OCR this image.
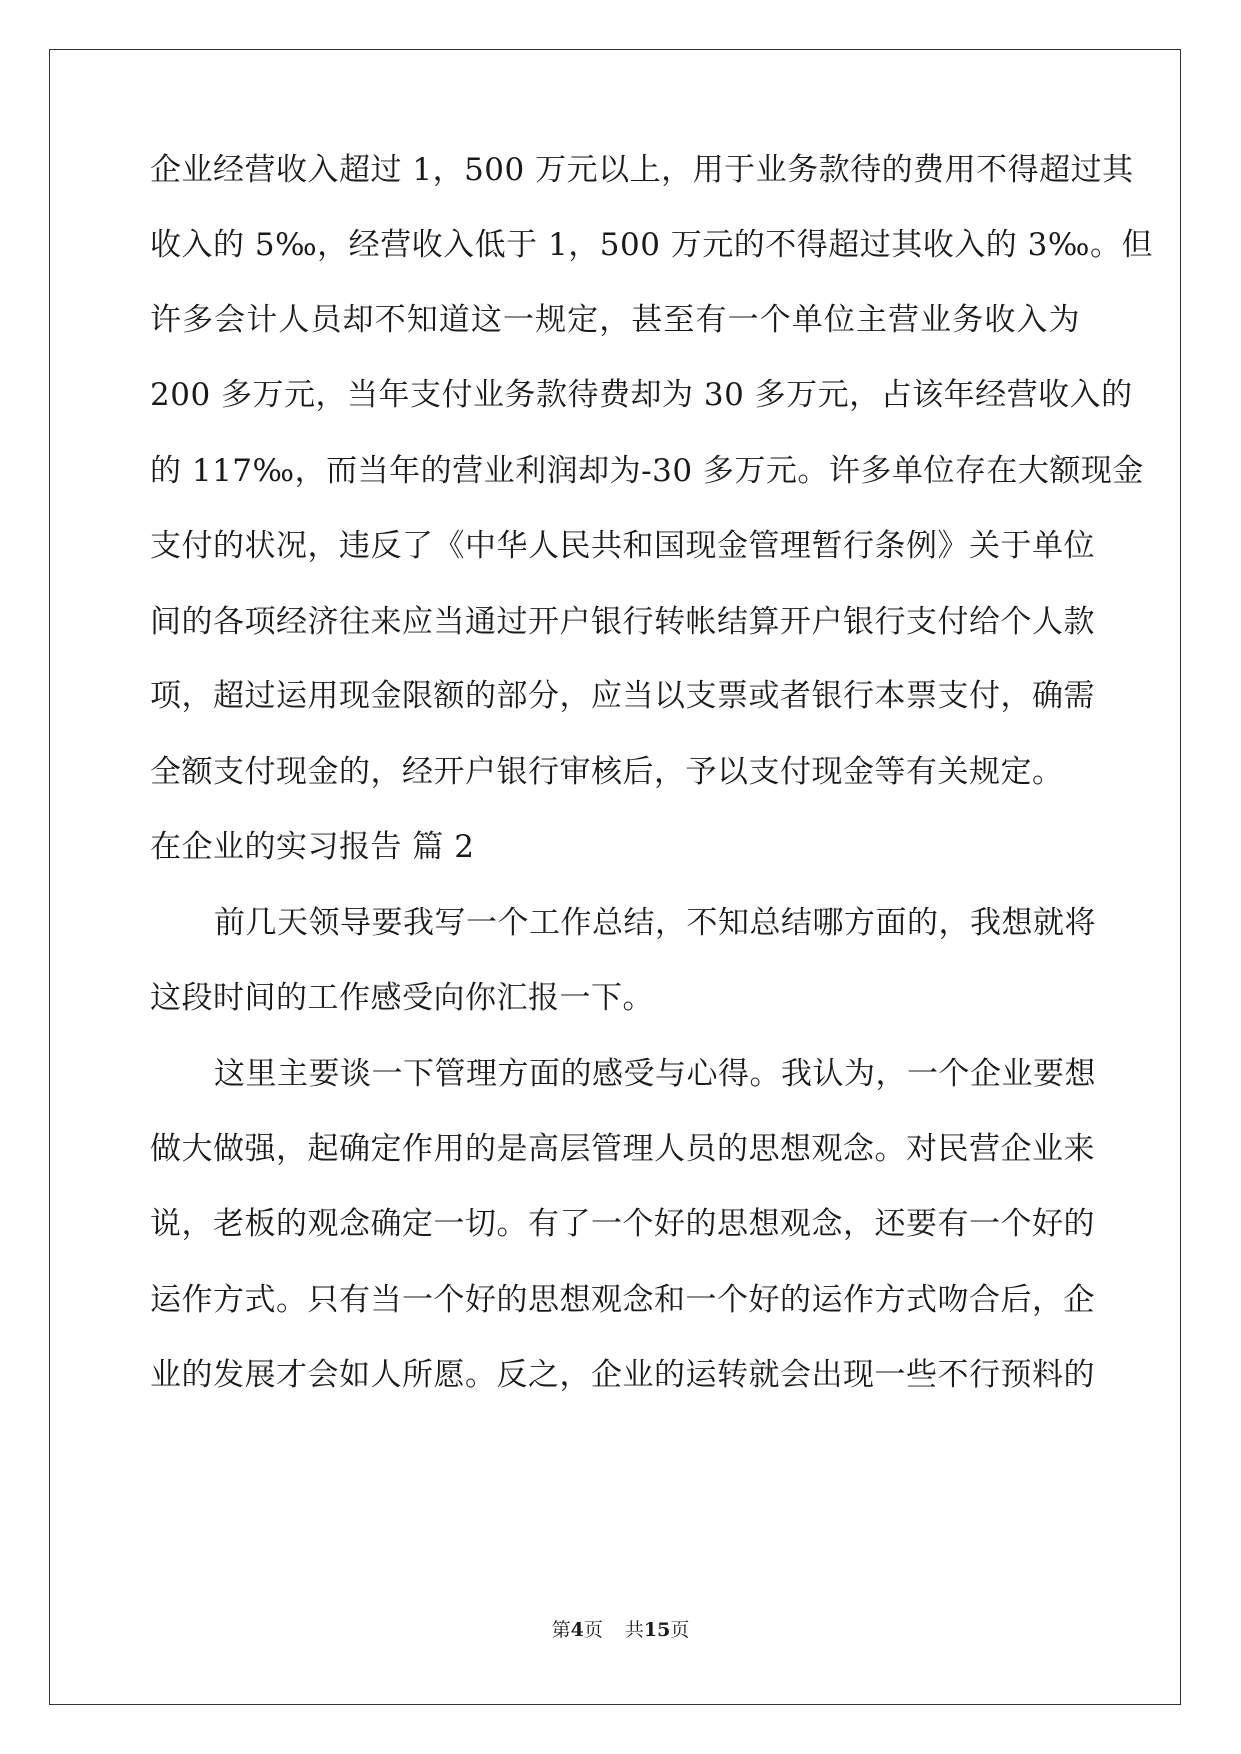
企业经营收入超过 1，500 万元以上，用于业务款待的费用不得超过其
收入的 5‰，经营收入低于 1，500 万元的不得超过其收入的 3‰。但
许多会计人员却不知道这一规定，甚至有一个单位主营业务收入为
200 多万元，当年支付业务款待费却为 30 多万元，占该年经营收入的
的 117‰，而当年的营业利润却为-30 多万元。许多单位存在大额现金
支付的状况，违反了《中华人民共和国现金管理暂行条例》关于单位
间的各项经济往来应当通过开户银行转帐结算开户银行支付给个人款
项，超过运用现金限额的部分，应当以支票或者银行本票支付，确需
全额支付现金的，经开户银行审核后，予以支付现金等有关规定。
在企业的实习报告 篇 2
前几天领导要我写一个工作总结，不知总结哪方面的，我想就将
这段时间的工作感受向你汇报一下。
这里主要谈一下管理方面的感受与心得。我认为，一个企业要想
做大做强，起确定作用的是高层管理人员的思想观念。对民营企业来
说，老板的观念确定一切。有了一个好的思想观念，还要有一个好的
运作方式。只有当一个好的思想观念和一个好的运作方式吻合后，企
业的发展才会如人所愿。反之，企业的运转就会出现一些不行预料的
第4页 共15页
